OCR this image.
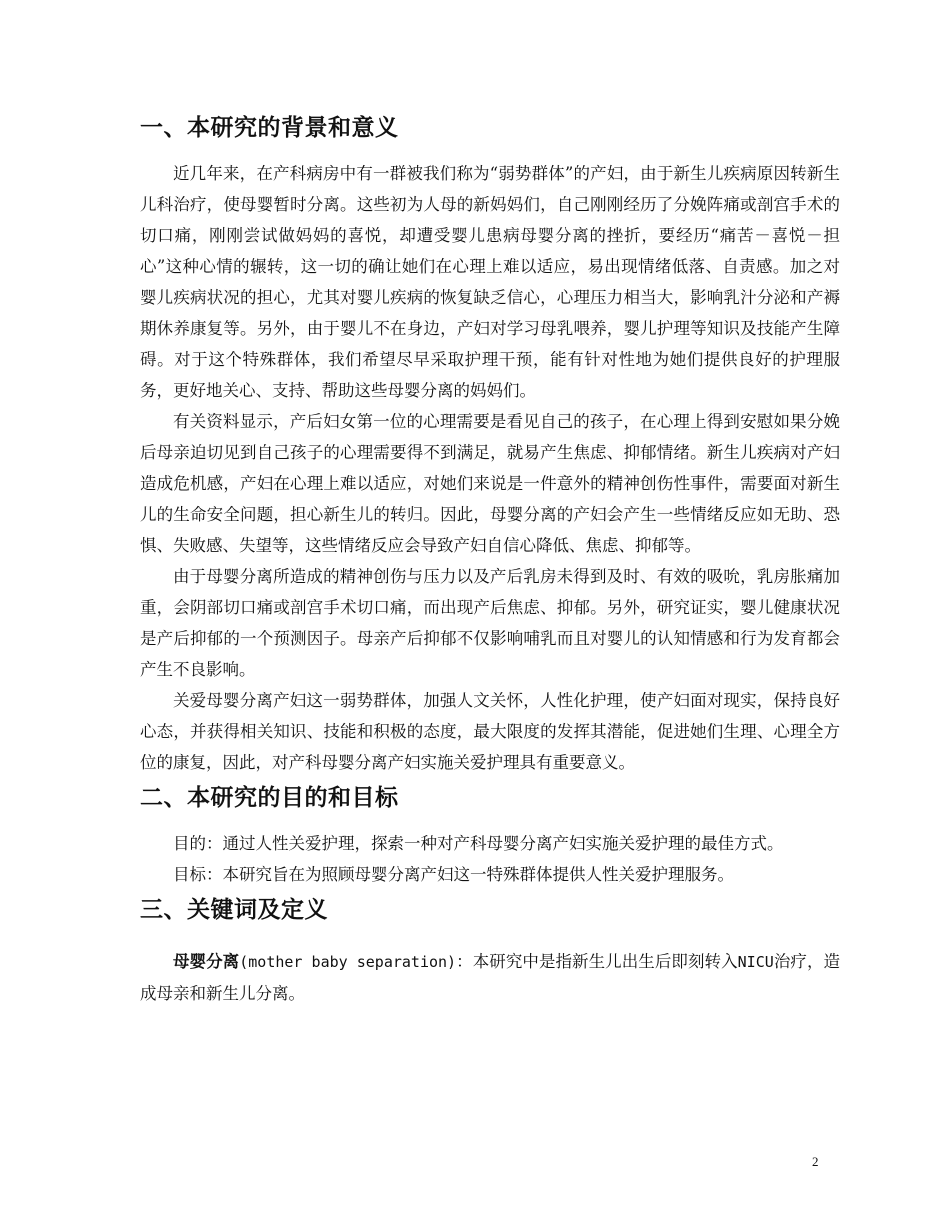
一、本研究的背景和意义

近几年来，在产科病房中有一群被我们称为“弱势群体”的产妇，由于新生儿疾病原因转新生儿科治疗，使母婴暂时分离。这些初为人母的新妈妈们，自己刚刚经历了分娩阵痛或剖宫手术的切口痛，刚刚尝试做妈妈的喜悦，却遭受婴儿患病母婴分离的挫折，要经历“痛苦－喜悦－担心”这种心情的辗转，这一切的确让她们在心理上难以适应，易出现情绪低落、自责感。加之对婴儿疾病状况的担心，尤其对婴儿疾病的恢复缺乏信心，心理压力相当大，影响乳汁分泌和产褥期休养康复等。另外，由于婴儿不在身边，产妇对学习母乳喂养，婴儿护理等知识及技能产生障碍。对于这个特殊群体，我们希望尽早采取护理干预，能有针对性地为她们提供良好的护理服务，更好地关心、支持、帮助这些母婴分离的妈妈们。

有关资料显示，产后妇女第一位的心理需要是看见自己的孩子，在心理上得到安慰如果分娩后母亲迫切见到自己孩子的心理需要得不到满足，就易产生焦虑、抑郁情绪。新生儿疾病对产妇造成危机感，产妇在心理上难以适应，对她们来说是一件意外的精神创伤性事件，需要面对新生儿的生命安全问题，担心新生儿的转归。因此，母婴分离的产妇会产生一些情绪反应如无助、恐惧、失败感、失望等，这些情绪反应会导致产妇自信心降低、焦虑、抑郁等。

由于母婴分离所造成的精神创伤与压力以及产后乳房未得到及时、有效的吸吮，乳房胀痛加重，会阴部切口痛或剖宫手术切口痛，而出现产后焦虑、抑郁。另外，研究证实，婴儿健康状况是产后抑郁的一个预测因子。母亲产后抑郁不仅影响哺乳而且对婴儿的认知情感和行为发育都会产生不良影响。

关爱母婴分离产妇这一弱势群体，加强人文关怀，人性化护理，使产妇面对现实，保持良好心态，并获得相关知识、技能和积极的态度，最大限度的发挥其潜能，促进她们生理、心理全方位的康复，因此，对产科母婴分离产妇实施关爱护理具有重要意义。

二、本研究的目的和目标

目的：通过人性关爱护理，探索一种对产科母婴分离产妇实施关爱护理的最佳方式。

目标：本研究旨在为照顾母婴分离产妇这一特殊群体提供人性关爱护理服务。

三、关键词及定义

母婴分离(mother baby separation)：本研究中是指新生儿出生后即刻转入NICU治疗，造成母亲和新生儿分离。

2
